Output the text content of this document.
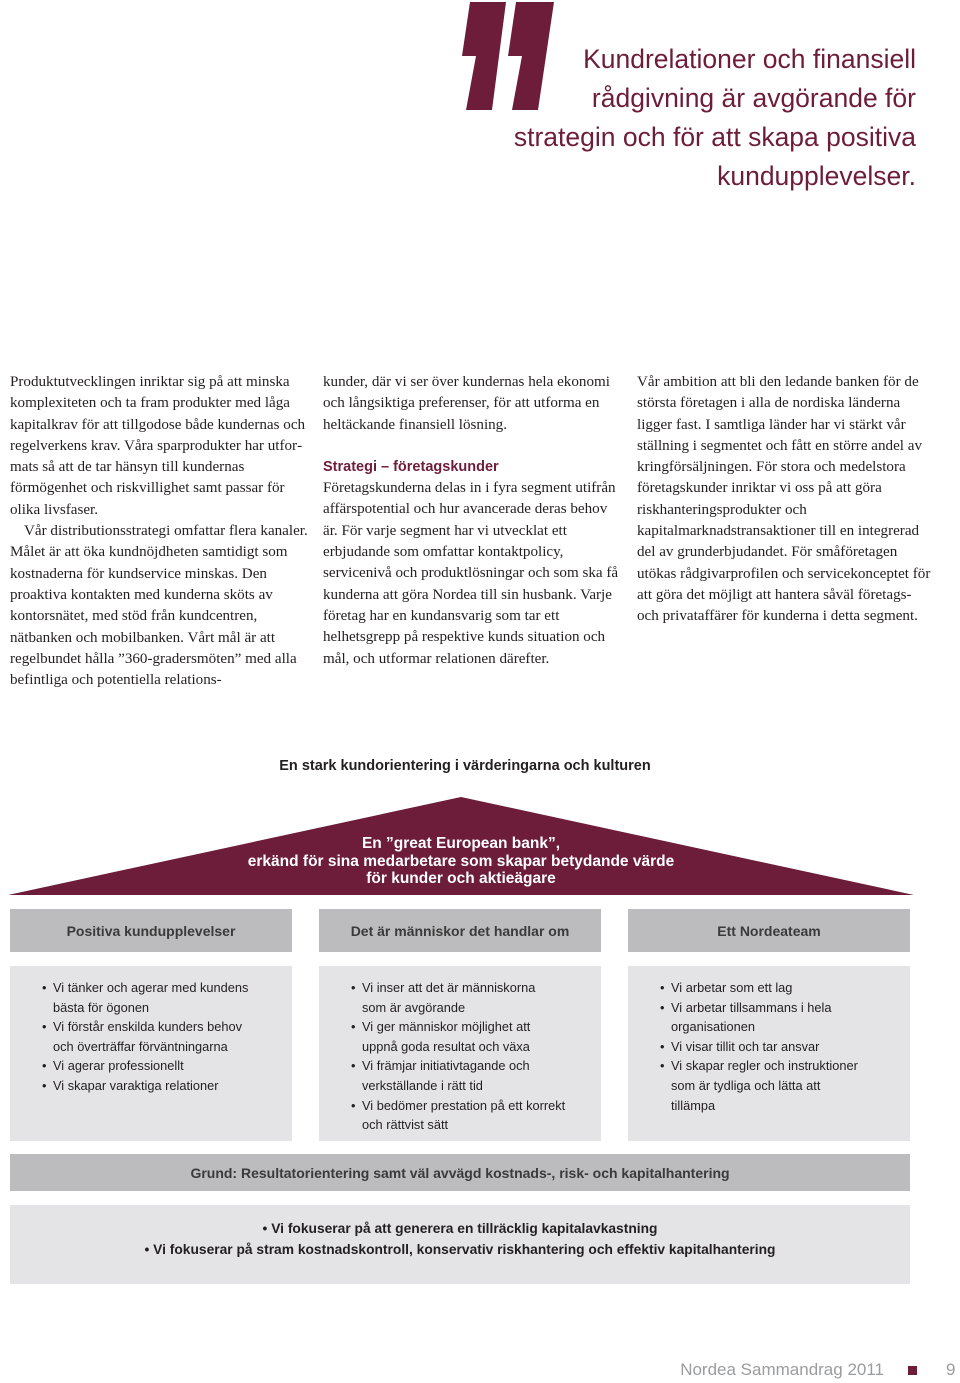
Kundrelationer och finansiell
rådgivning är avgörande för
strategin och för att skapa positiva
kundupplevelser.

Produktutvecklingen inriktar sig på att minska komplexiteten och ta fram produkter med låga kapitalkrav för att tillgodose både kundernas och regelverkens krav. Våra sparprodukter har utformats så att de tar hänsyn till kundernas förmögenhet och riskvillighet samt passar för olika livsfaser.

Vår distributionsstrategi omfattar flera kanaler. Målet är att öka kundnöjdheten samtidigt som kostnaderna för kundservice minskas. Den proaktiva kontakten med kunderna sköts av kontorsnätet, med stöd från kundcentren, nätbanken och mobilbanken. Vårt mål är att regelbundet hålla ”360-gradersmöten” med alla befintliga och potentiella relations-

kunder, där vi ser över kundernas hela ekonomi och långsiktiga preferenser, för att utforma en heltäckande finansiell lösning.

Strategi – företagskunder

Företagskunderna delas in i fyra segment utifrån affärspotential och hur avancerade deras behov är. För varje segment har vi utvecklat ett erbjudande som omfattar kontaktpolicy, servicenivå och produktlösningar och som ska få kunderna att göra Nordea till sin husbank. Varje företag har en kundansvarig som tar ett helhetsgrepp på respektive kunds situation och mål, och utformar relationen därefter.

Vår ambition att bli den ledande banken för de största företagen i alla de nordiska länderna ligger fast. I samtliga länder har vi stärkt vår ställning i segmentet och fått en större andel av kringförsäljningen. För stora och medelstora företagskunder inriktar vi oss på att göra riskhanteringsprodukter och kapitalmarknadstransaktioner till en integrerad del av grunderbjudandet. För småföretagen utökas rådgivarprofilen och servicekonceptet för att göra det möjligt att hantera såväl företags- och privataffärer för kunderna i detta segment.

En stark kundorientering i värderingarna och kulturen
En ”great European bank”,
erkänd för sina medarbetare som skapar betydande värde
för kunder och aktieägare
Positiva kundupplevelser	Det är människor det handlar om	Ett Nordeateam
• Vi tänker och agerar med kundens
bästa för ögonen
• Vi förstår enskilda kunders behov
och överträffar förväntningarna
• Vi agerar professionellt
• Vi skapar varaktiga relationer
• Vi inser att det är människorna
som är avgörande
• Vi ger människor möjlighet att
uppnå goda resultat och växa
• Vi främjar initiativtagande och
verkställande i rätt tid
• Vi bedömer prestation på ett korrekt
och rättvist sätt
• Vi arbetar som ett lag
• Vi arbetar tillsammans i hela
organisationen
• Vi visar tillit och tar ansvar
• Vi skapar regler och instruktioner
som är tydliga och lätta att
tillämpa
Grund: Resultatorientering samt väl avvägd kostnads-, risk- och kapitalhantering
• Vi fokuserar på att generera en tillräcklig kapitalavkastning
• Vi fokuserar på stram kostnadskontroll, konservativ riskhantering och effektiv kapitalhantering
Nordea Sammandrag 2011	9
